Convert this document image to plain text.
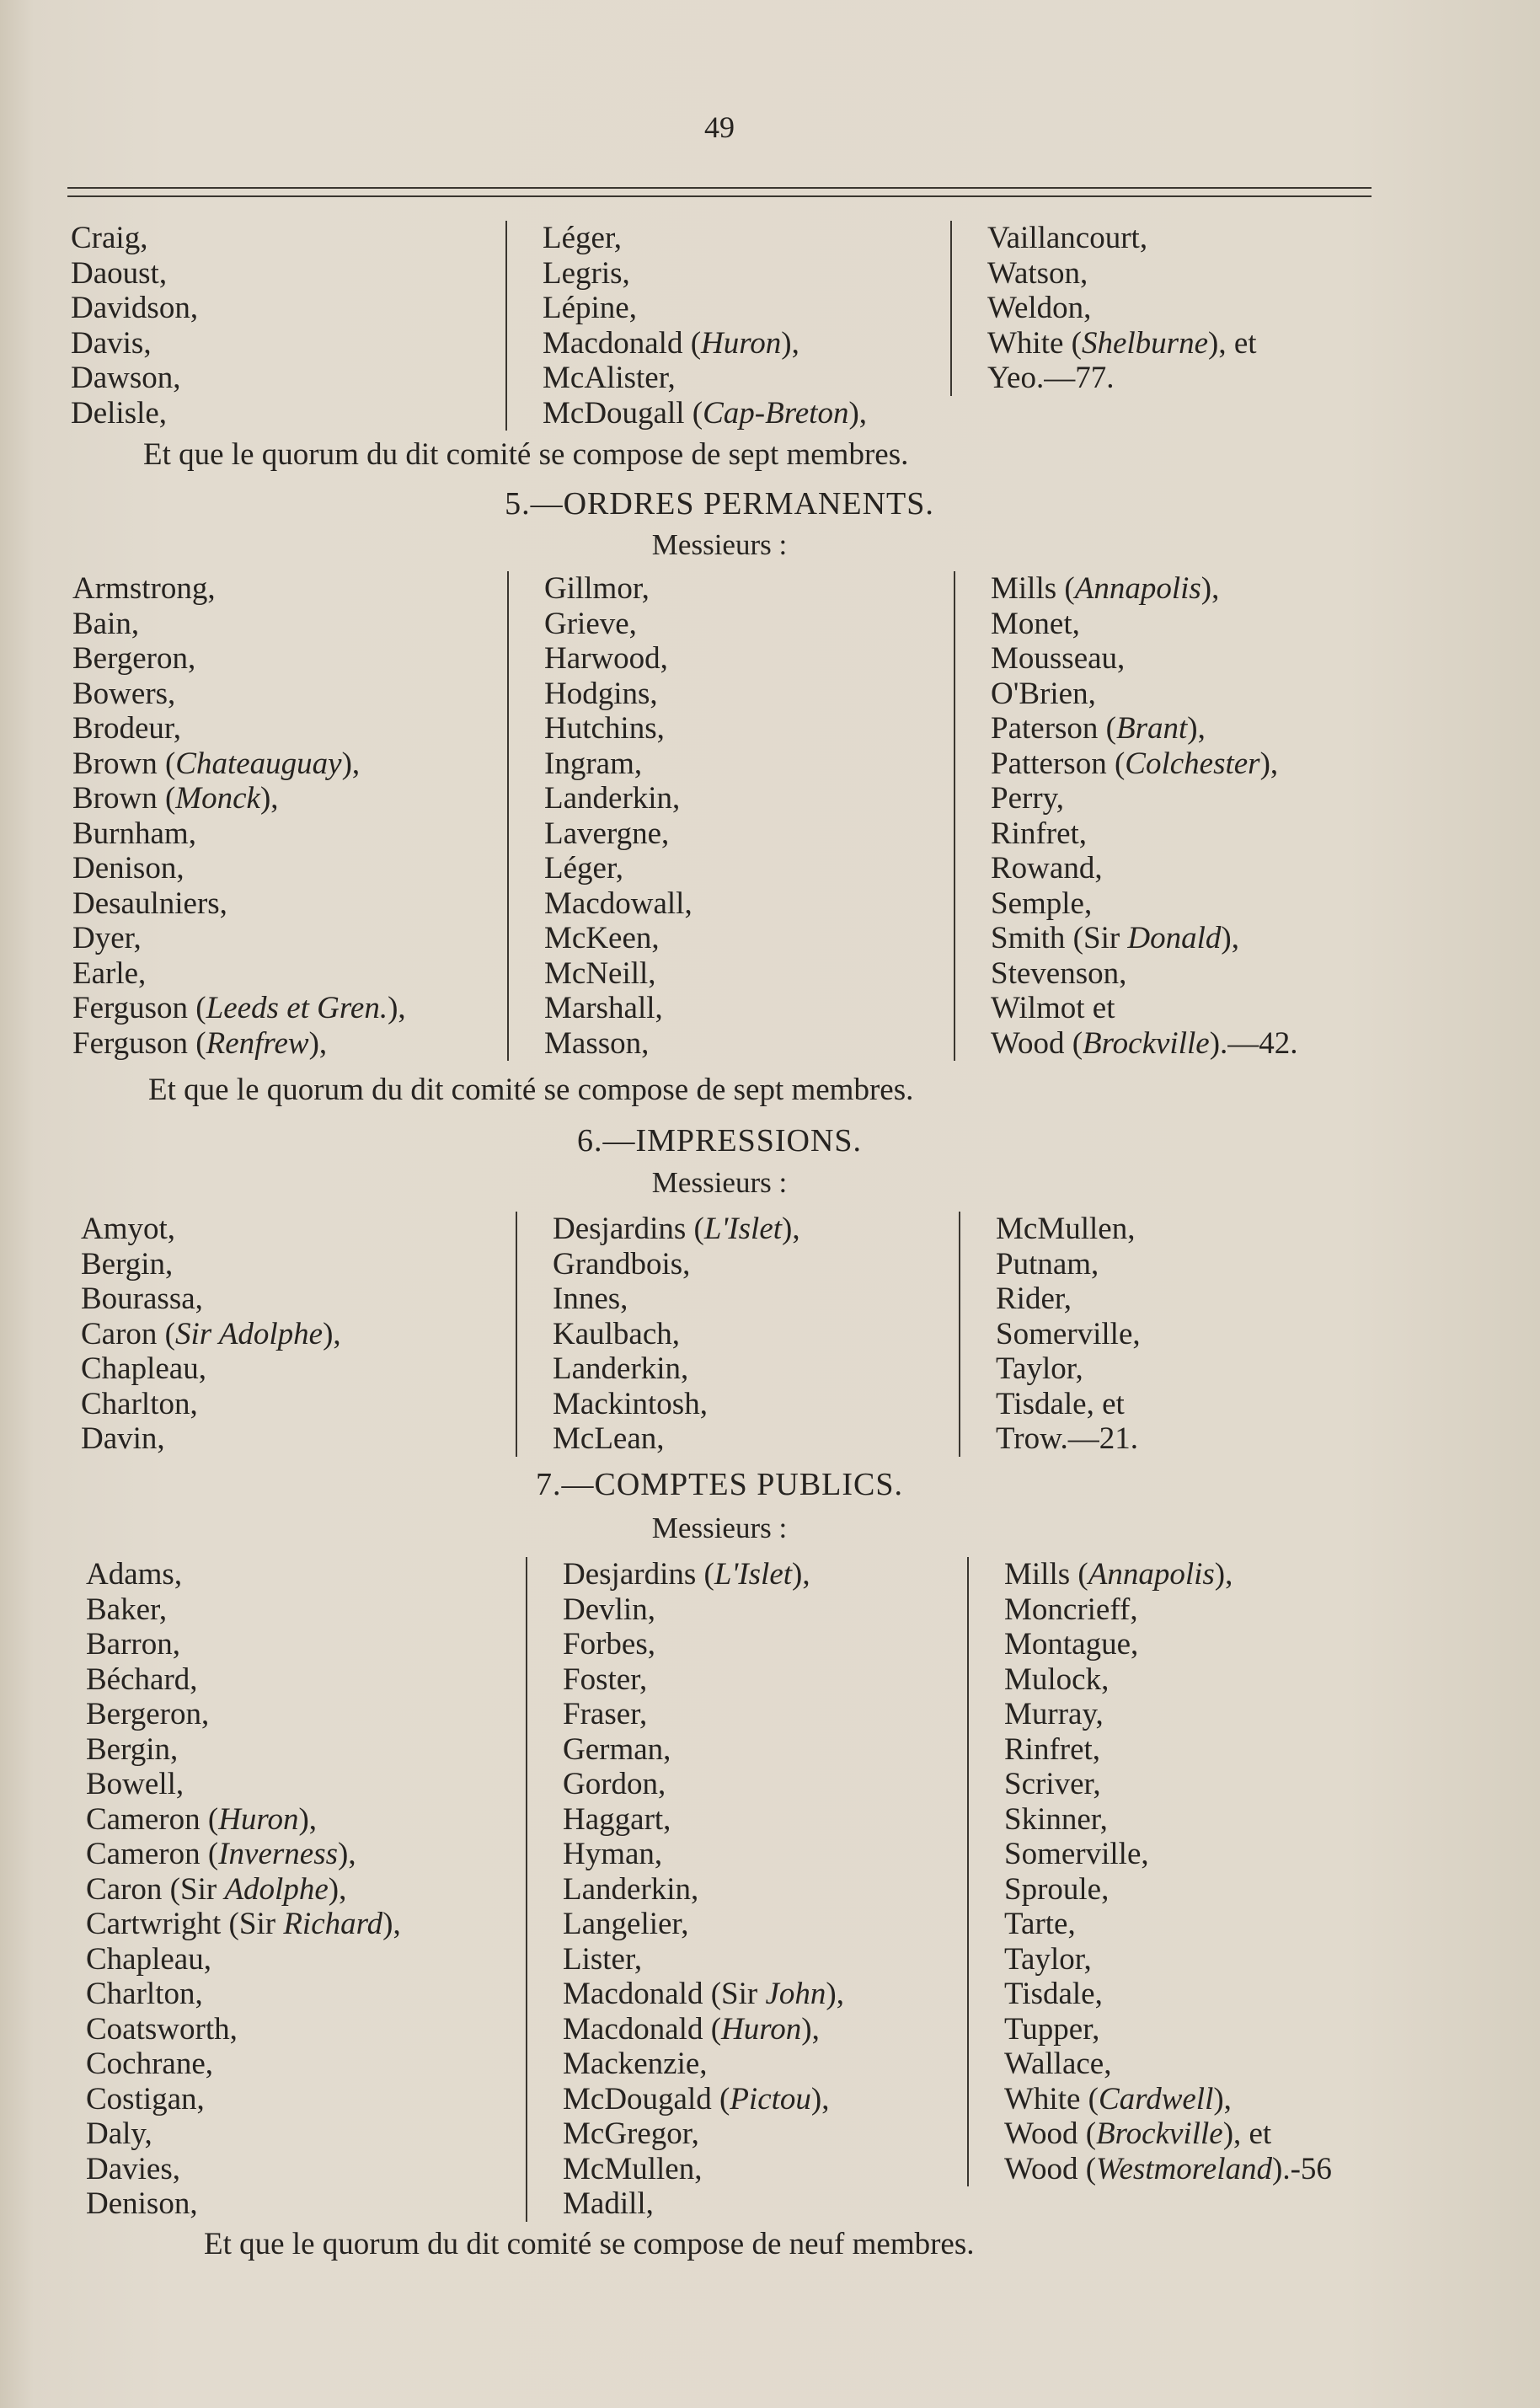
49
Craig,
Daoust,
Davidson,
Davis,
Dawson,
Delisle,
Léger,
Legris,
Lépine,
Macdonald (Huron),
McAlister,
McDougall (Cap-Breton),
Vaillancourt,
Watson,
Weldon,
White (Shelburne), et
Yeo.—77.
Et que le quorum du dit comité se compose de sept membres.
5.—ORDRES PERMANENTS.
Messieurs :
Armstrong,
Bain,
Bergeron,
Bowers,
Brodeur,
Brown (Chateauguay),
Brown (Monck),
Burnham,
Denison,
Desaulniers,
Dyer,
Earle,
Ferguson (Leeds et Gren.),
Ferguson (Renfrew),
Gillmor,
Grieve,
Harwood,
Hodgins,
Hutchins,
Ingram,
Landerkin,
Lavergne,
Léger,
Macdowall,
McKeen,
McNeill,
Marshall,
Masson,
Mills (Annapolis),
Monet,
Mousseau,
O'Brien,
Paterson (Brant),
Patterson (Colchester),
Perry,
Rinfret,
Rowand,
Semple,
Smith (Sir Donald),
Stevenson,
Wilmot et
Wood (Brockville).—42.
Et que le quorum du dit comité se compose de sept membres.
6.—IMPRESSIONS.
Messieurs :
Amyot,
Bergin,
Bourassa,
Caron (Sir Adolphe),
Chapleau,
Charlton,
Davin,
Desjardins (L'Islet),
Grandbois,
Innes,
Kaulbach,
Landerkin,
Mackintosh,
McLean,
McMullen,
Putnam,
Rider,
Somerville,
Taylor,
Tisdale, et
Trow.—21.
7.—COMPTES PUBLICS.
Messieurs :
Adams,
Baker,
Barron,
Béchard,
Bergeron,
Bergin,
Bowell,
Cameron (Huron),
Cameron (Inverness),
Caron (Sir Adolphe),
Cartwright (Sir Richard),
Chapleau,
Charlton,
Coatsworth,
Cochrane,
Costigan,
Daly,
Davies,
Denison,
Desjardins (L'Islet),
Devlin,
Forbes,
Foster,
Fraser,
German,
Gordon,
Haggart,
Hyman,
Landerkin,
Langelier,
Lister,
Macdonald (Sir John),
Macdonald (Huron),
Mackenzie,
McDougald (Pictou),
McGregor,
McMullen,
Madill,
Mills (Annapolis),
Moncrieff,
Montague,
Mulock,
Murray,
Rinfret,
Scriver,
Skinner,
Somerville,
Sproule,
Tarte,
Taylor,
Tisdale,
Tupper,
Wallace,
White (Cardwell),
Wood (Brockville), et
Wood (Westmoreland).-56
Et que le quorum du dit comité se compose de neuf membres.
